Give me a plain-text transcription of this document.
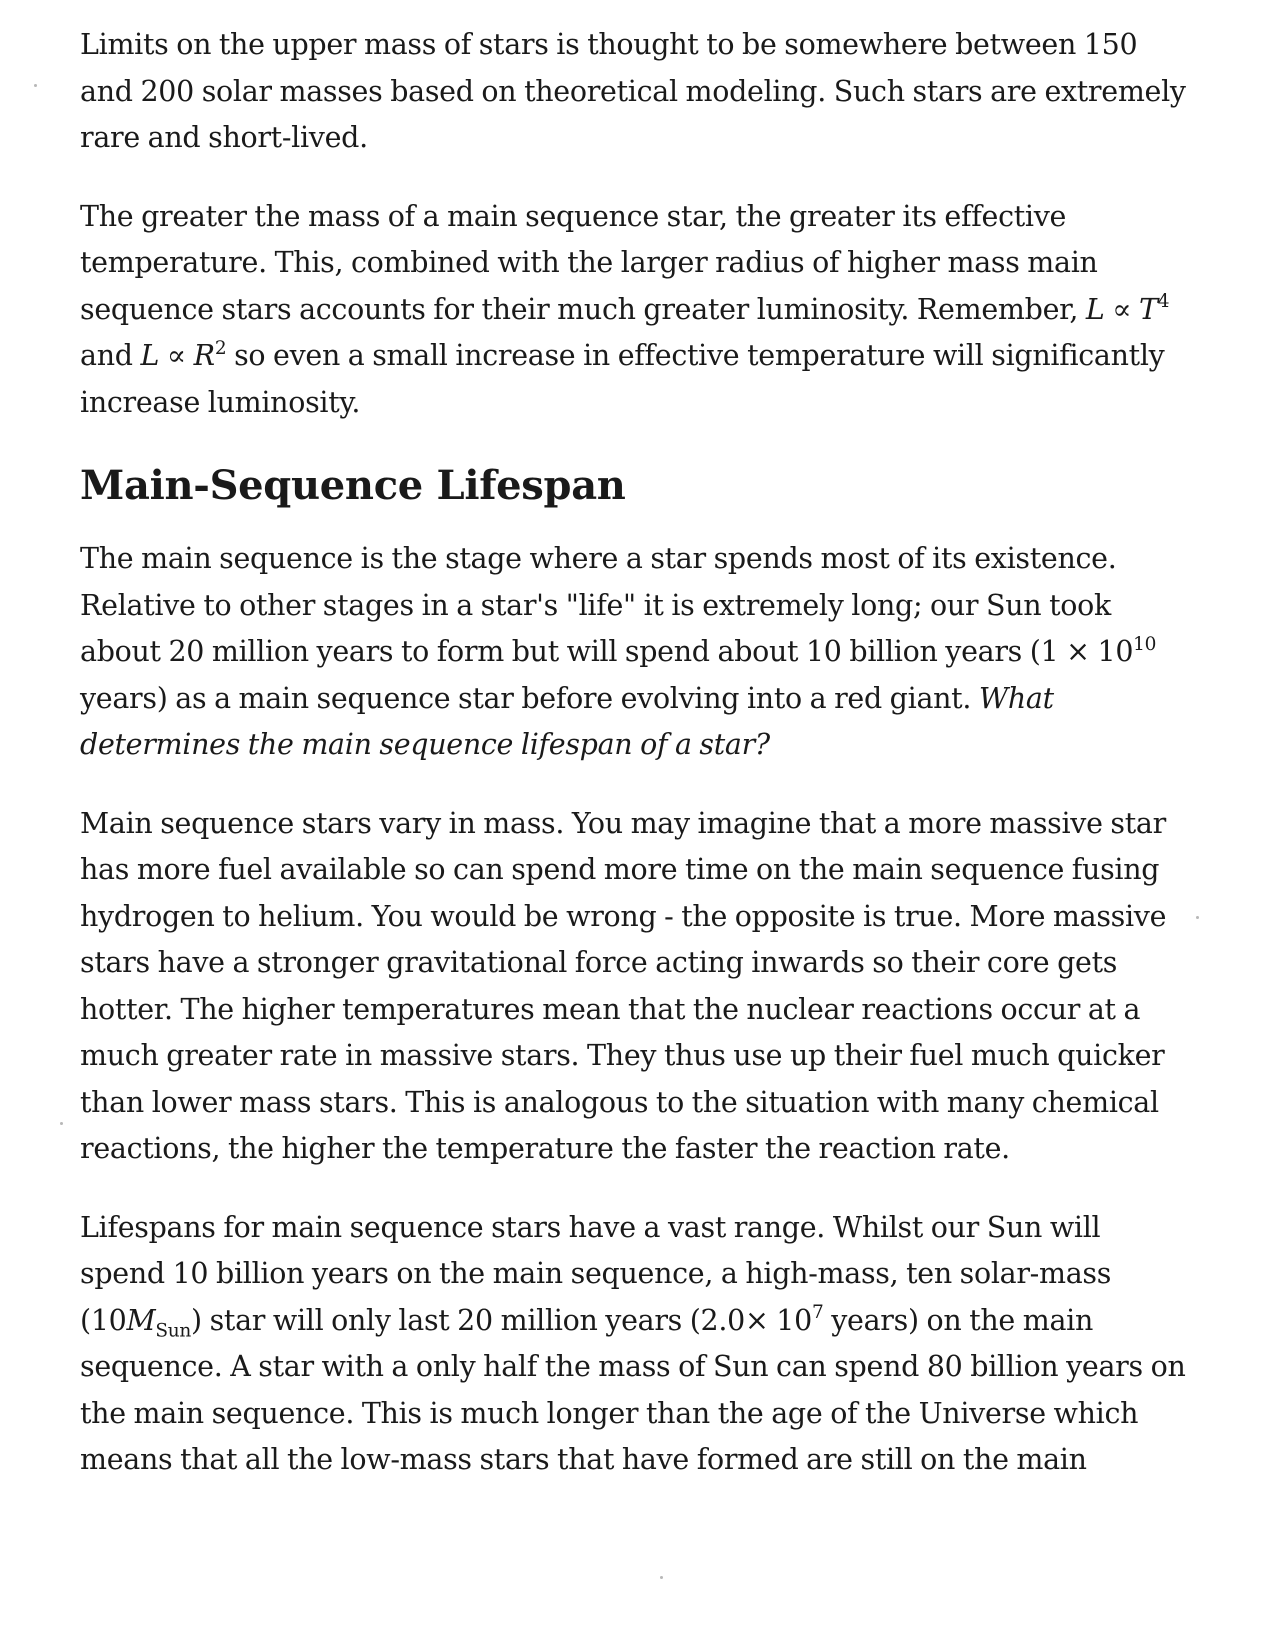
Limits on the upper mass of stars is thought to be somewhere between 150 and 200 solar masses based on theoretical modeling. Such stars are extremely rare and short-lived.

The greater the mass of a main sequence star, the greater its effective temperature. This, combined with the larger radius of higher mass main sequence stars accounts for their much greater luminosity. Remember, $L \propto T^4$ and $L \propto R^2$ so even a small increase in effective temperature will significantly increase luminosity.

Main-Sequence Lifespan

The main sequence is the stage where a star spends most of its existence. Relative to other stages in a star's "life" it is extremely long; our Sun took about 20 million years to form but will spend about 10 billion years ($1 \times 10^{10}$ years) as a main sequence star before evolving into a red giant. What determines the main sequence lifespan of a star?

Main sequence stars vary in mass. You may imagine that a more massive star has more fuel available so can spend more time on the main sequence fusing hydrogen to helium. You would be wrong - the opposite is true. More massive stars have a stronger gravitational force acting inwards so their core gets hotter. The higher temperatures mean that the nuclear reactions occur at a much greater rate in massive stars. They thus use up their fuel much quicker than lower mass stars. This is analogous to the situation with many chemical reactions, the higher the temperature the faster the reaction rate.

Lifespans for main sequence stars have a vast range. Whilst our Sun will spend 10 billion years on the main sequence, a high-mass, ten solar-mass $(10M_{Sun})$ star will only last 20 million years ($2.0\times 10^7$ years) on the main sequence. A star with a only half the mass of Sun can spend 80 billion years on the main sequence. This is much longer than the age of the Universe which means that all the low-mass stars that have formed are still on the main
